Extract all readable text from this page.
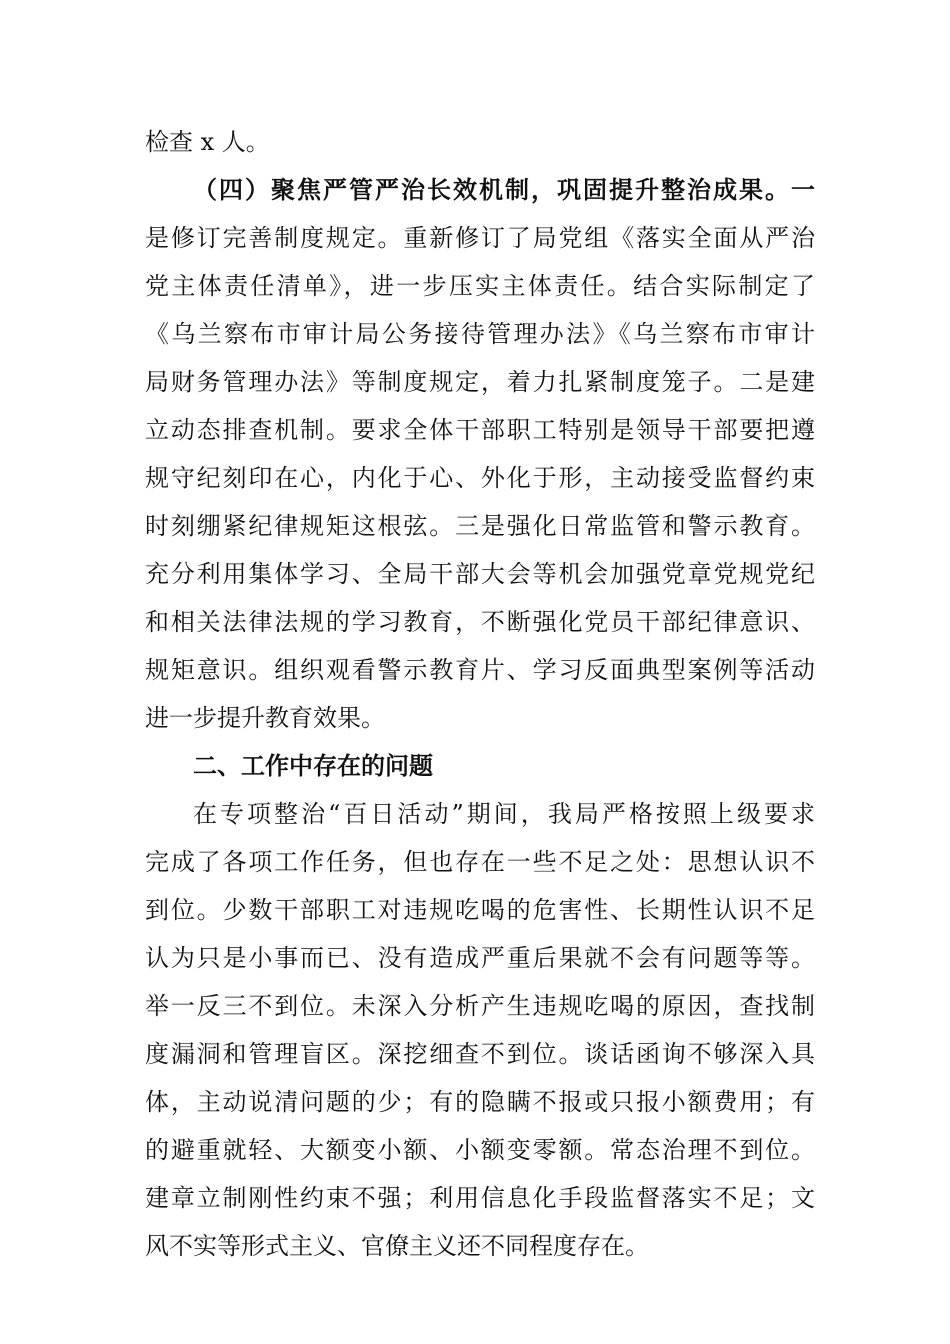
检查 x 人。
（四）聚焦严管严治长效机制，巩固提升整治成果。一
是修订完善制度规定。重新修订了局党组《落实全面从严治
党主体责任清单》，进一步压实主体责任。结合实际制定了
《乌兰察布市审计局公务接待管理办法》《乌兰察布市审计
局财务管理办法》等制度规定，着力扎紧制度笼子。二是建
立动态排查机制。要求全体干部职工特别是领导干部要把遵
规守纪刻印在心，内化于心、外化于形，主动接受监督约束
时刻绷紧纪律规矩这根弦。三是强化日常监管和警示教育。
充分利用集体学习、全局干部大会等机会加强党章党规党纪
和相关法律法规的学习教育，不断强化党员干部纪律意识、
规矩意识。组织观看警示教育片、学习反面典型案例等活动
进一步提升教育效果。
二、工作中存在的问题
在专项整治“百日活动”期间，我局严格按照上级要求
完成了各项工作任务，但也存在一些不足之处：思想认识不
到位。少数干部职工对违规吃喝的危害性、长期性认识不足
认为只是小事而已、没有造成严重后果就不会有问题等等。
举一反三不到位。未深入分析产生违规吃喝的原因，查找制
度漏洞和管理盲区。深挖细查不到位。谈话函询不够深入具
体，主动说清问题的少；有的隐瞒不报或只报小额费用；有
的避重就轻、大额变小额、小额变零额。常态治理不到位。
建章立制刚性约束不强；利用信息化手段监督落实不足；文
风不实等形式主义、官僚主义还不同程度存在。
